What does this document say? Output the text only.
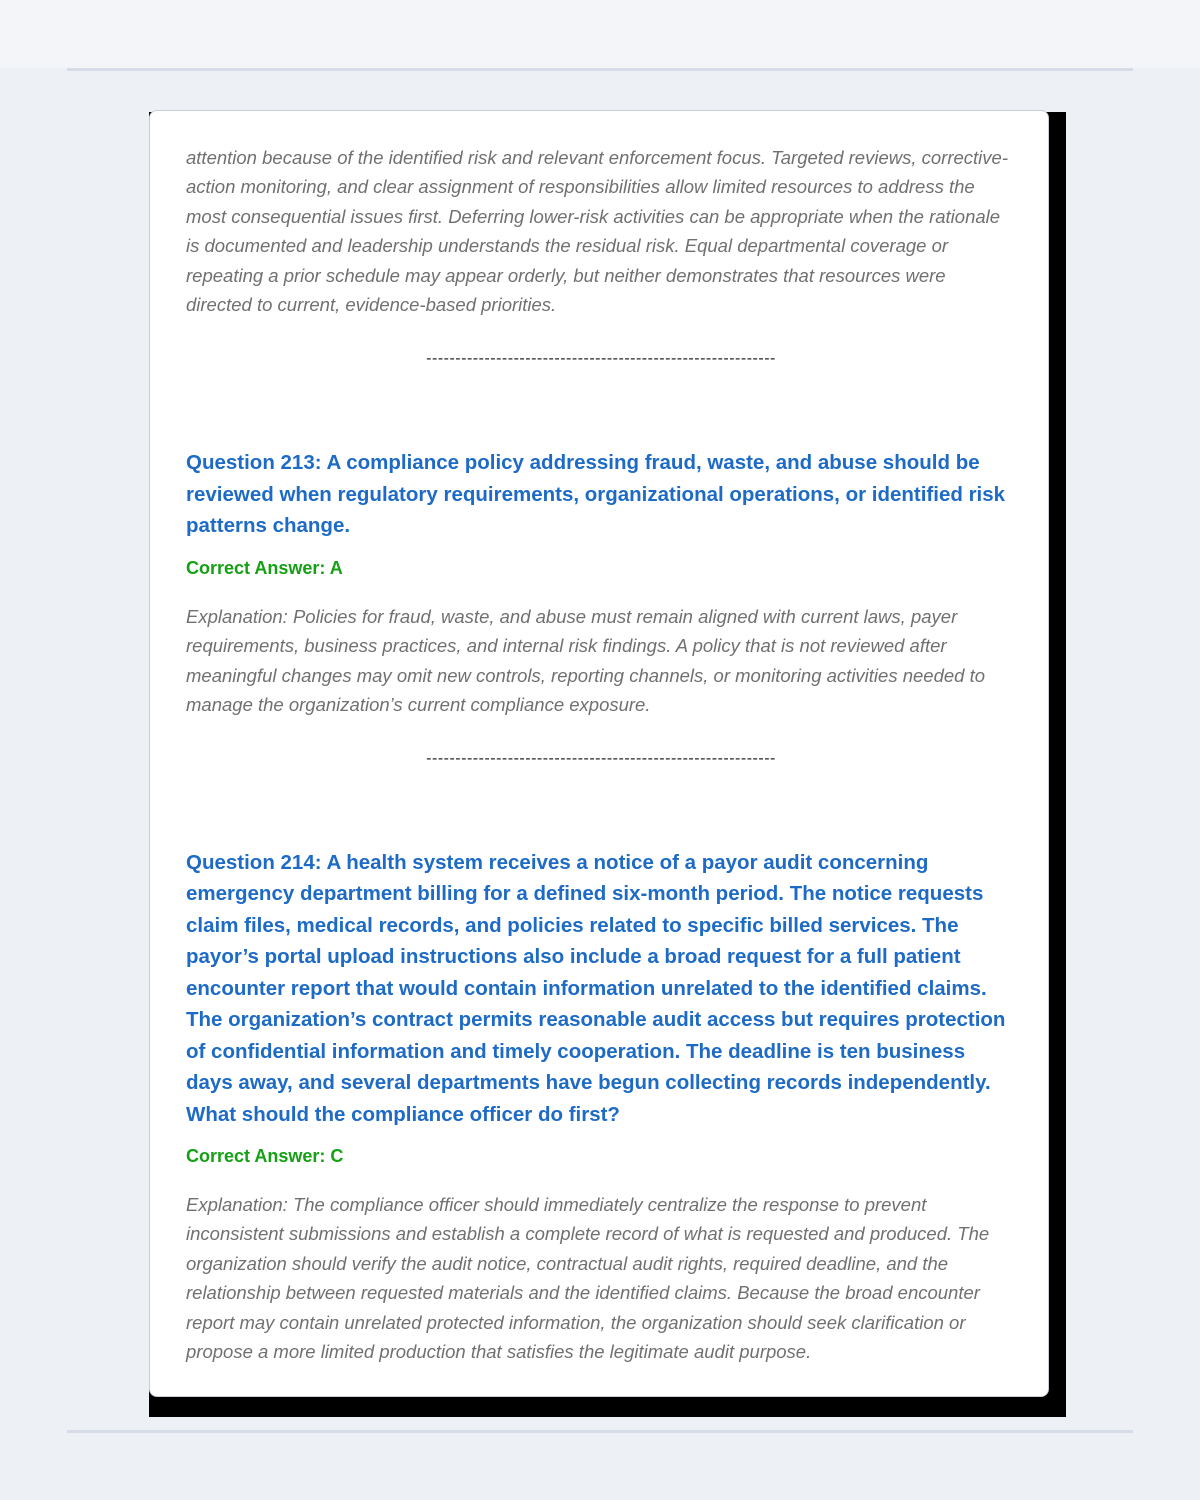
attention because of the identified risk and relevant enforcement focus. Targeted reviews, corrective-action monitoring, and clear assignment of responsibilities allow limited resources to address the most consequential issues first. Deferring lower-risk activities can be appropriate when the rationale is documented and leadership understands the residual risk. Equal departmental coverage or repeating a prior schedule may appear orderly, but neither demonstrates that resources were directed to current, evidence-based priorities.

------------------------------------------------------------

Question 213: A compliance policy addressing fraud, waste, and abuse should be reviewed when regulatory requirements, organizational operations, or identified risk patterns change.

Correct Answer: A

Explanation: Policies for fraud, waste, and abuse must remain aligned with current laws, payer requirements, business practices, and internal risk findings. A policy that is not reviewed after meaningful changes may omit new controls, reporting channels, or monitoring activities needed to manage the organization’s current compliance exposure.

------------------------------------------------------------

Question 214: A health system receives a notice of a payor audit concerning emergency department billing for a defined six-month period. The notice requests claim files, medical records, and policies related to specific billed services. The payor’s portal upload instructions also include a broad request for a full patient encounter report that would contain information unrelated to the identified claims. The organization’s contract permits reasonable audit access but requires protection of confidential information and timely cooperation. The deadline is ten business days away, and several departments have begun collecting records independently. What should the compliance officer do first?

Correct Answer: C

Explanation: The compliance officer should immediately centralize the response to prevent inconsistent submissions and establish a complete record of what is requested and produced. The organization should verify the audit notice, contractual audit rights, required deadline, and the relationship between requested materials and the identified claims. Because the broad encounter report may contain unrelated protected information, the organization should seek clarification or propose a more limited production that satisfies the legitimate audit purpose.
